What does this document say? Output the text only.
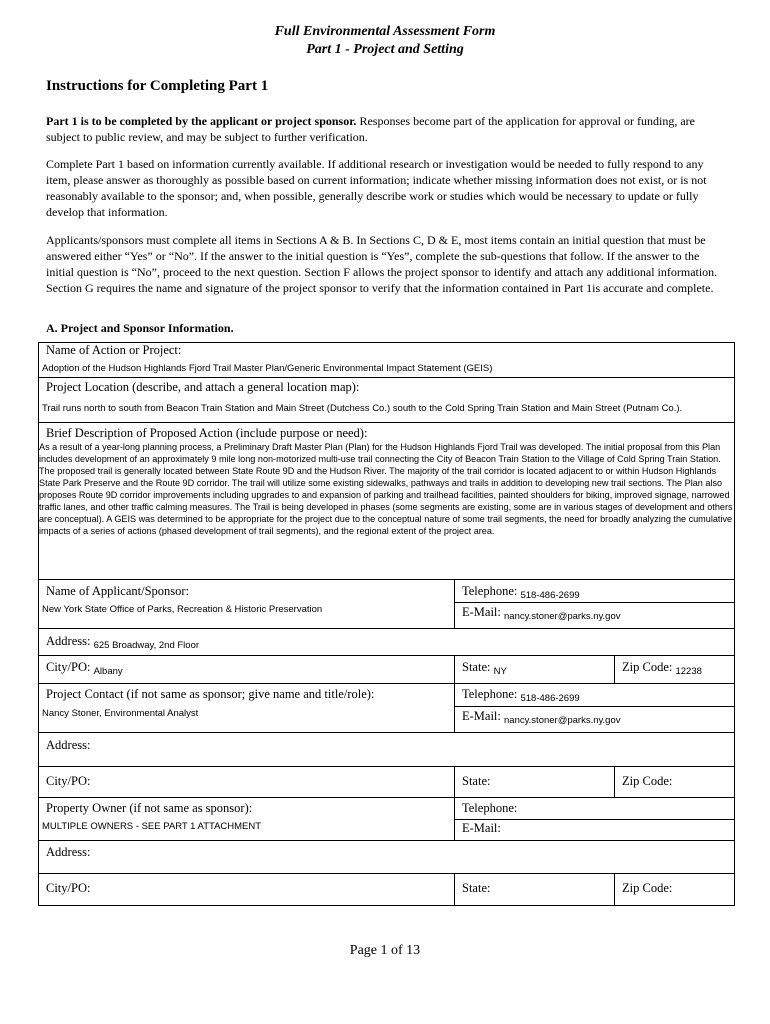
Full Environmental Assessment Form
Part 1 - Project and Setting
Instructions for Completing Part 1
Part 1 is to be completed by the applicant or project sponsor. Responses become part of the application for approval or funding, are subject to public review, and may be subject to further verification.
Complete Part 1 based on information currently available. If additional research or investigation would be needed to fully respond to any item, please answer as thoroughly as possible based on current information; indicate whether missing information does not exist, or is not reasonably available to the sponsor; and, when possible, generally describe work or studies which would be necessary to update or fully develop that information.
Applicants/sponsors must complete all items in Sections A & B. In Sections C, D & E, most items contain an initial question that must be answered either “Yes” or “No”. If the answer to the initial question is “Yes”, complete the sub-questions that follow. If the answer to the initial question is “No”, proceed to the next question. Section F allows the project sponsor to identify and attach any additional information. Section G requires the name and signature of the project sponsor to verify that the information contained in Part 1is accurate and complete.
A. Project and Sponsor Information.
Name of Action or Project:		
Adoption of the Hudson Highlands Fjord Trail Master Plan/Generic Environmental Impact Statement (GEIS)		
Project Location (describe, and attach a general location map):		
Trail runs north to south from Beacon Train Station and Main Street (Dutchess Co.) south to the Cold Spring Train Station and Main Street (Putnam Co.).		
Brief Description of Proposed Action (include purpose or need):		
As a result of a year-long planning process, a Preliminary Draft Master Plan (Plan) for the Hudson Highlands Fjord Trail was developed. The initial proposal from this Plan includes development of an approximately 9 mile long non-motorized multi-use trail connecting the City of Beacon Train Station to the Village of Cold Spring Train Station. The proposed trail is generally located between State Route 9D and the Hudson River. The majority of the trail corridor is located adjacent to or within Hudson Highlands State Park Preserve and the Route 9D corridor. The trail will utilize some existing sidewalks, pathways and trails in addition to developing new trail sections. The Plan also proposes Route 9D corridor improvements including upgrades to and expansion of parking and trailhead facilities, painted shoulders for biking, improved signage, narrowed traffic lanes, and other traffic calming measures. The Trail is being developed in phases (some segments are existing, some are in various stages of development and others are conceptual). A GEIS was determined to be appropriate for the project due to the conceptual nature of some trail segments, the need for broadly analyzing the cumulative impacts of a series of actions (phased development of trail segments), and the regional extent of the project area.		
Name of Applicant/Sponsor:	Telephone: $_{518-486-2699}$
New York State Office of Parks, Recreation & Historic Preservation	E-Mail: $_{nancy.stoner@parks.ny.gov}$
Address: $_{625 Broadway, 2nd Floor}$
City/PO: $_{Albany}$	State: $_{NY}$	Zip Code: $_{12238}$
Project Contact (if not same as sponsor; give name and title/role):	Telephone: $_{518-486-2699}$
Nancy Stoner, Environmental Analyst	E-Mail: $_{nancy.stoner@parks.ny.gov}$
Address:		
City/PO:	State:	Zip Code:
Property Owner (if not same as sponsor):	Telephone:	
MULTIPLE OWNERS - SEE PART 1 ATTACHMENT	E-Mail:	
Address:		
City/PO:	State:	Zip Code:
Page 1 of 13
